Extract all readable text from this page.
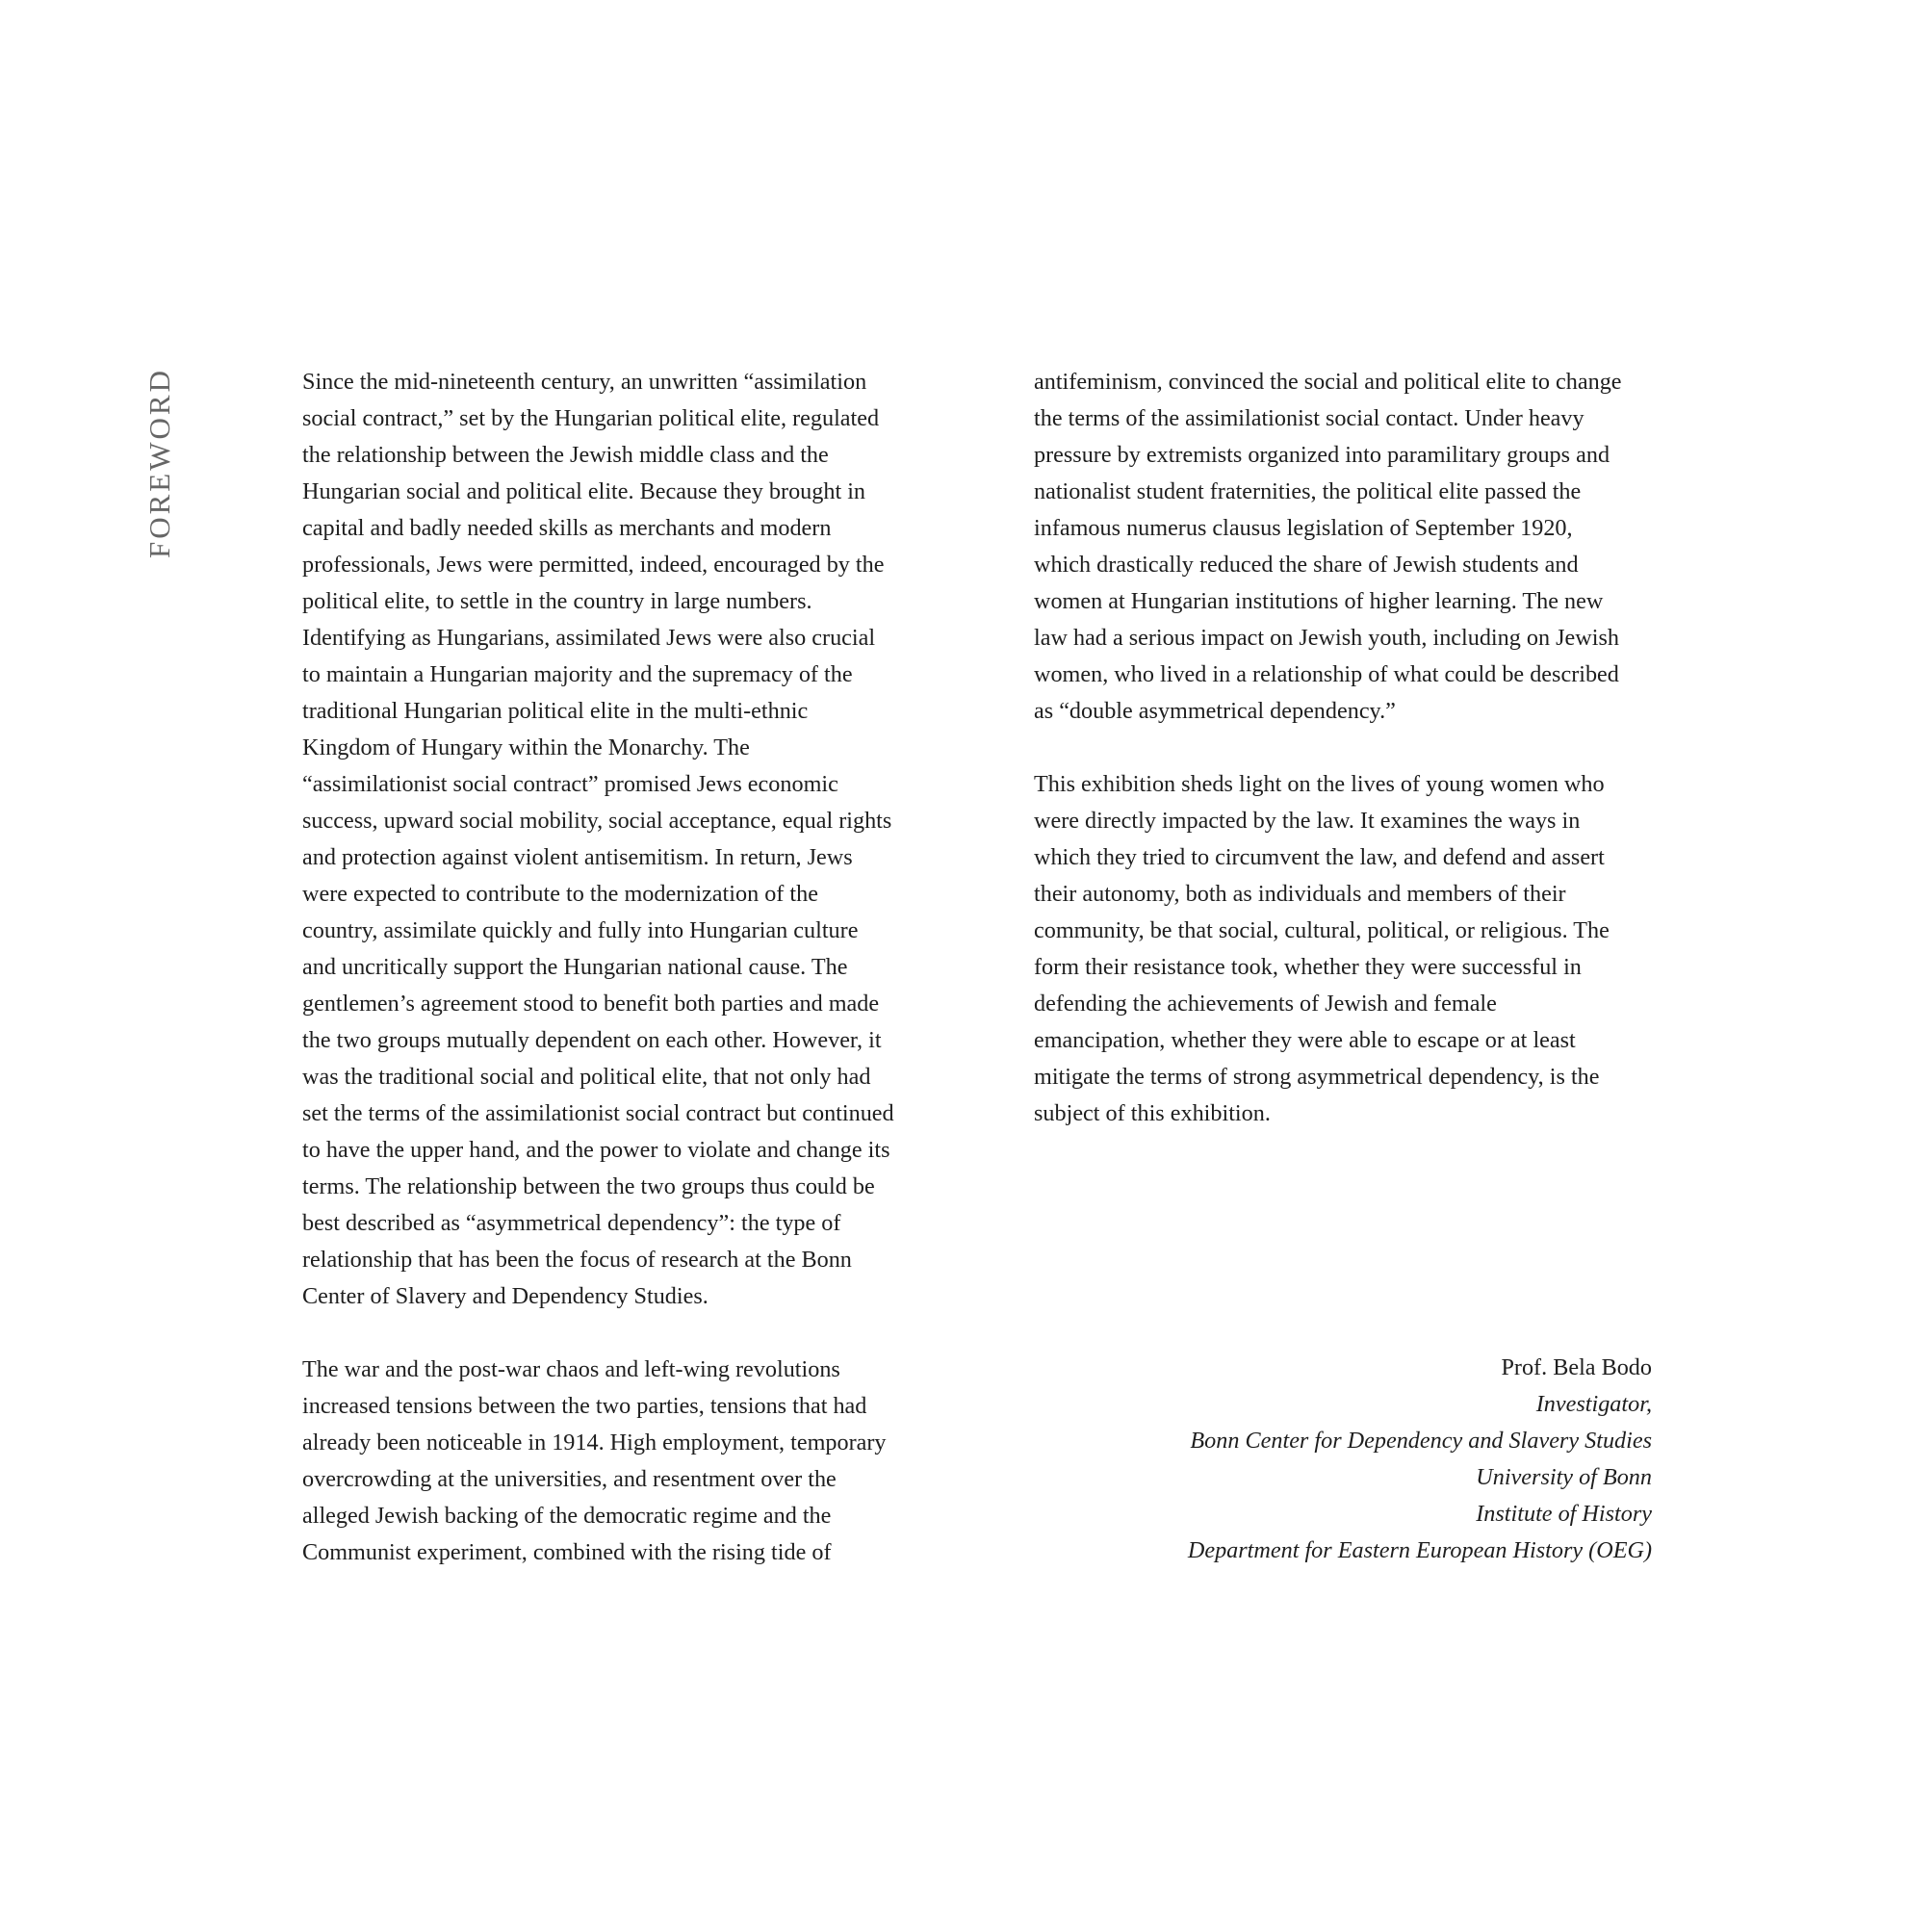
FOREWORD	Since the mid-nineteenth century, an unwritten “assimilation
social contract,” set by the Hungarian political elite, regulated
the relationship between the Jewish middle class and the
Hungarian social and political elite. Because they brought in
capital and badly needed skills as merchants and modern
professionals, Jews were permitted, indeed, encouraged by the
political elite, to settle in the country in large numbers.
Identifying as Hungarians, assimilated Jews were also crucial
to maintain a Hungarian majority and the supremacy of the
traditional Hungarian political elite in the multi-ethnic
Kingdom of Hungary within the Monarchy. The
“assimilationist social contract” promised Jews economic
success, upward social mobility, social acceptance, equal rights
and protection against violent antisemitism. In return, Jews
were expected to contribute to the modernization of the
country, assimilate quickly and fully into Hungarian culture
and uncritically support the Hungarian national cause. The
gentlemen’s agreement stood to benefit both parties and made
the two groups mutually dependent on each other. However, it
was the traditional social and political elite, that not only had
set the terms of the assimilationist social contract but continued
to have the upper hand, and the power to violate and change its
terms. The relationship between the two groups thus could be
best described as “asymmetrical dependency”: the type of
relationship that has been the focus of research at the Bonn
Center of Slavery and Dependency Studies.
The war and the post-war chaos and left-wing revolutions
increased tensions between the two parties, tensions that had
already been noticeable in 1914. High employment, temporary
overcrowding at the universities, and resentment over the
alleged Jewish backing of the democratic regime and the
Communist experiment, combined with the rising tide of
antifeminism, convinced the social and political elite to change
the terms of the assimilationist social contact. Under heavy
pressure by extremists organized into paramilitary groups and
nationalist student fraternities, the political elite passed the
infamous numerus clausus legislation of September 1920,
which drastically reduced the share of Jewish students and
women at Hungarian institutions of higher learning. The new
law had a serious impact on Jewish youth, including on Jewish
women, who lived in a relationship of what could be described
as “double asymmetrical dependency.”
This exhibition sheds light on the lives of young women who
were directly impacted by the law. It examines the ways in
which they tried to circumvent the law, and defend and assert
their autonomy, both as individuals and members of their
community, be that social, cultural, political, or religious. The
form their resistance took, whether they were successful in
defending the achievements of Jewish and female
emancipation, whether they were able to escape or at least
mitigate the terms of strong asymmetrical dependency, is the
subject of this exhibition.
Prof. Bela Bodo
Investigator,
Bonn Center for Dependency and Slavery Studies
University of Bonn
Institute of History
Department for Eastern European History (OEG)
